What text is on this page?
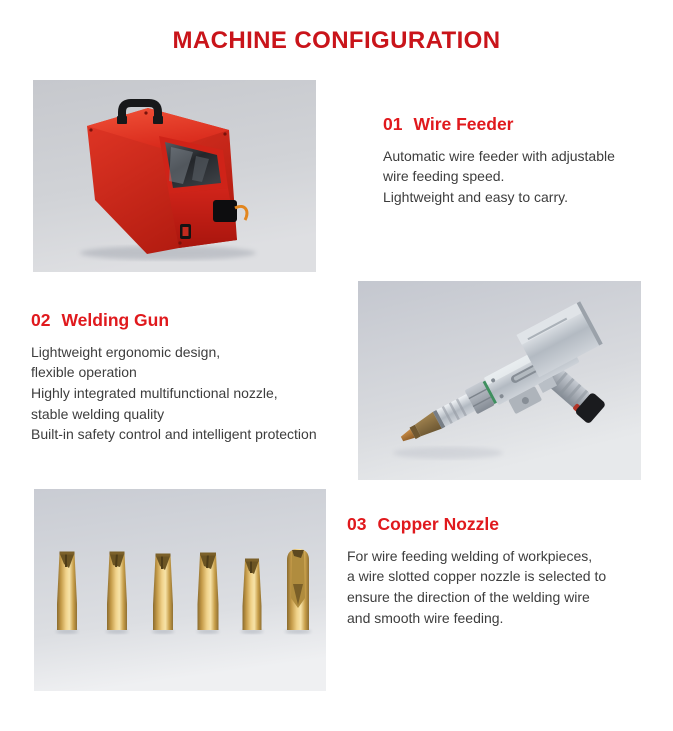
MACHINE CONFIGURATION
01 Wire Feeder
Automatic wire feeder with adjustable
wire feeding speed.
Lightweight and easy to carry.
02 Welding Gun
Lightweight ergonomic design,
flexible operation
Highly integrated multifunctional nozzle,
stable welding quality
Built-in safety control and intelligent protection
03 Copper Nozzle
For wire feeding welding of workpieces,
a wire slotted copper nozzle is selected to
ensure the direction of the welding wire
and smooth wire feeding.
